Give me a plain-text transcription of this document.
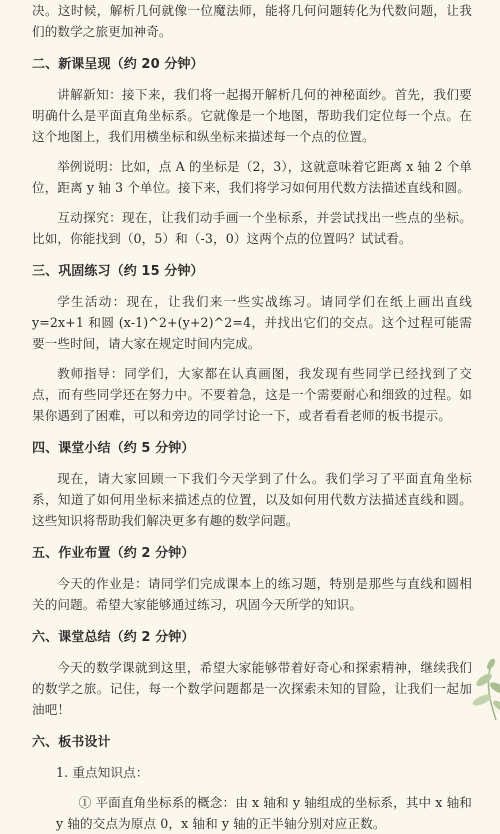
决。这时候，解析几何就像一位魔法师，能将几何问题转化为代数问题，让我们的数学之旅更加神奇。

二、新课呈现（约 20 分钟）

讲解新知：接下来，我们将一起揭开解析几何的神秘面纱。首先，我们要明确什么是平面直角坐标系。它就像是一个地图，帮助我们定位每一个点。在这个地图上，我们用横坐标和纵坐标来描述每一个点的位置。

举例说明：比如，点 A 的坐标是（2，3），这就意味着它距离 x 轴 2 个单位，距离 y 轴 3 个单位。接下来，我们将学习如何用代数方法描述直线和圆。

互动探究：现在，让我们动手画一个坐标系，并尝试找出一些点的坐标。比如，你能找到（0，5）和（-3，0）这两个点的位置吗？试试看。

三、巩固练习（约 15 分钟）

学生活动：现在，让我们来一些实战练习。请同学们在纸上画出直线 y=2x+1 和圆 (x-1)^2+(y+2)^2=4，并找出它们的交点。这个过程可能需要一些时间，请大家在规定时间内完成。

教师指导：同学们，大家都在认真画图，我发现有些同学已经找到了交点，而有些同学还在努力中。不要着急，这是一个需要耐心和细致的过程。如果你遇到了困难，可以和旁边的同学讨论一下，或者看看老师的板书提示。

四、课堂小结（约 5 分钟）

现在，请大家回顾一下我们今天学到了什么。我们学习了平面直角坐标系，知道了如何用坐标来描述点的位置，以及如何用代数方法描述直线和圆。这些知识将帮助我们解决更多有趣的数学问题。

五、作业布置（约 2 分钟）

今天的作业是：请同学们完成课本上的练习题，特别是那些与直线和圆相关的问题。希望大家能够通过练习，巩固今天所学的知识。

六、课堂总结（约 2 分钟）

今天的数学课就到这里，希望大家能够带着好奇心和探索精神，继续我们的数学之旅。记住，每一个数学问题都是一次探索未知的冒险，让我们一起加油吧！

六、板书设计

1. 重点知识点：

① 平面直角坐标系的概念：由 x 轴和 y 轴组成的坐标系，其中 x 轴和 y 轴的交点为原点 0，x 轴和 y 轴的正半轴分别对应正数。
